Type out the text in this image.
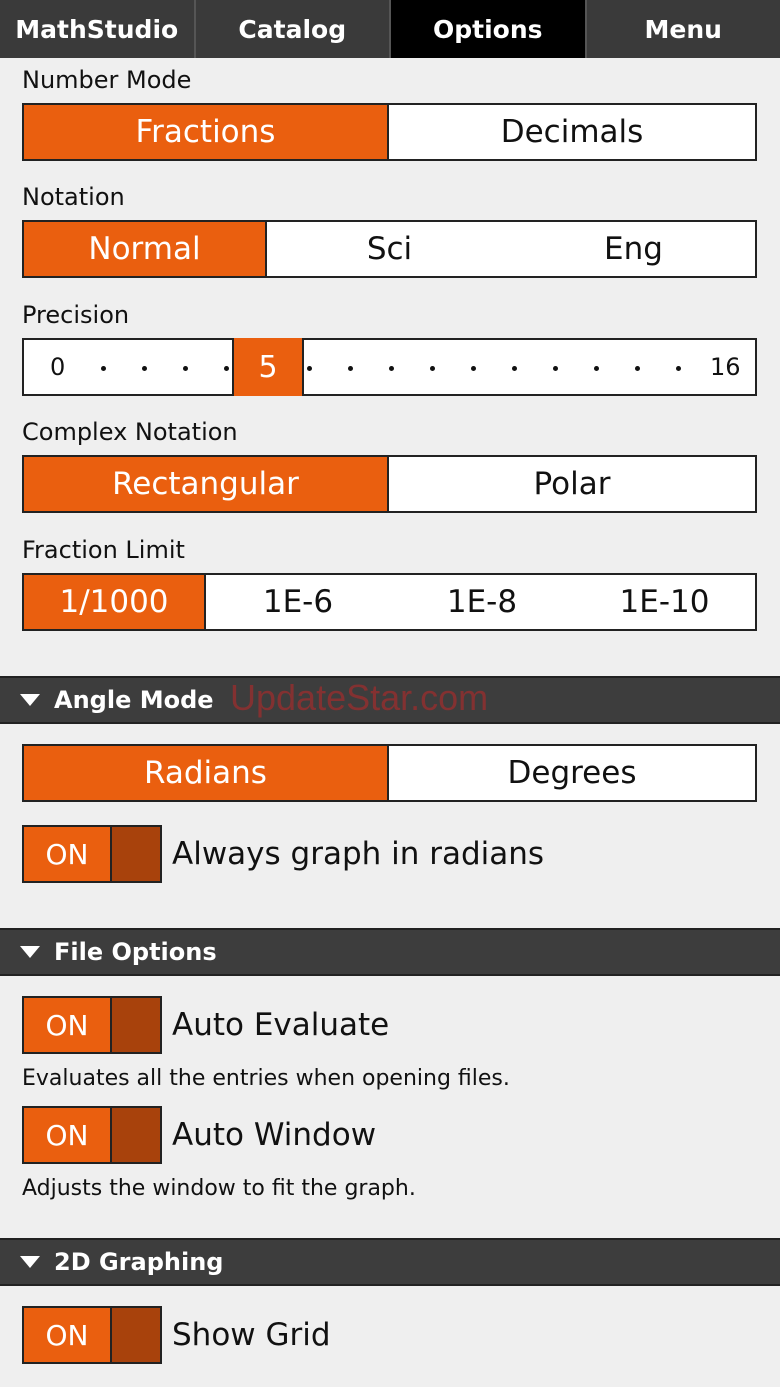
MathStudio	Catalog	Options	Menu
Number Mode
Fractions	Decimals
Notation
Normal	Sci	Eng
Precision
0	5	16
Complex Notation
Rectangular	Polar
Fraction Limit
1/1000	1E-6	1E-8	1E-10
Angle Mode UpdateStar.com
Radians	Degrees
ON	Always graph in radians
File Options
ON	Auto Evaluate
Evaluates all the entries when opening files.
ON	Auto Window
Adjusts the window to fit the graph.
2D Graphing
ON	Show Grid
